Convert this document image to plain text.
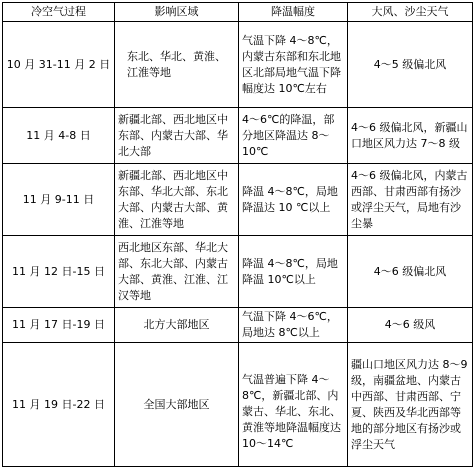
冷空气过程	影响区域	降温幅度	大风、沙尘天气
10 月 31-11 月 2 日	东北、华北、黄淮、江淮等地	气温下降 4～8℃，内蒙古东部和东北地区北部局地气温下降幅度达 10℃左右	4～5 级偏北风
11 月 4-8 日	新疆北部、西北地区中东部、内蒙古大部、华北大部	4～6℃的降温，部分地区降温达 8～10℃	4～6 级偏北风，新疆山口地区风力达 7～8 级
11 月 9-11 日	新疆北部、西北地区中东部、华北大部、东北大部、内蒙古大部、黄淮、江淮等地	降温 4～8℃，局地降温达 10 ℃以上	4～6 级偏北风，内蒙古西部、甘肃西部有扬沙或浮尘天气，局地有沙尘暴
11 月 12 日-15 日	西北地区东部、华北大部、东北大部、内蒙古大部、黄淮、江淮、江汉等地	降温 4～8℃，局地降温 10℃以上	4～6 级偏北风
11 月 17 日-19 日	北方大部地区	气温下降 4～6℃，局地达 8℃以上	4～6 级风
11 月 19 日-22 日	全国大部地区	气温普遍下降 4～8℃，新疆北部、内蒙古、华北、东北、黄淮等地降温幅度达 10～14℃	疆山口地区风力达 8～9 级，南疆盆地、内蒙古中西部、甘肃西部、宁夏、陕西及华北西部等地的部分地区有扬沙或浮尘天气
